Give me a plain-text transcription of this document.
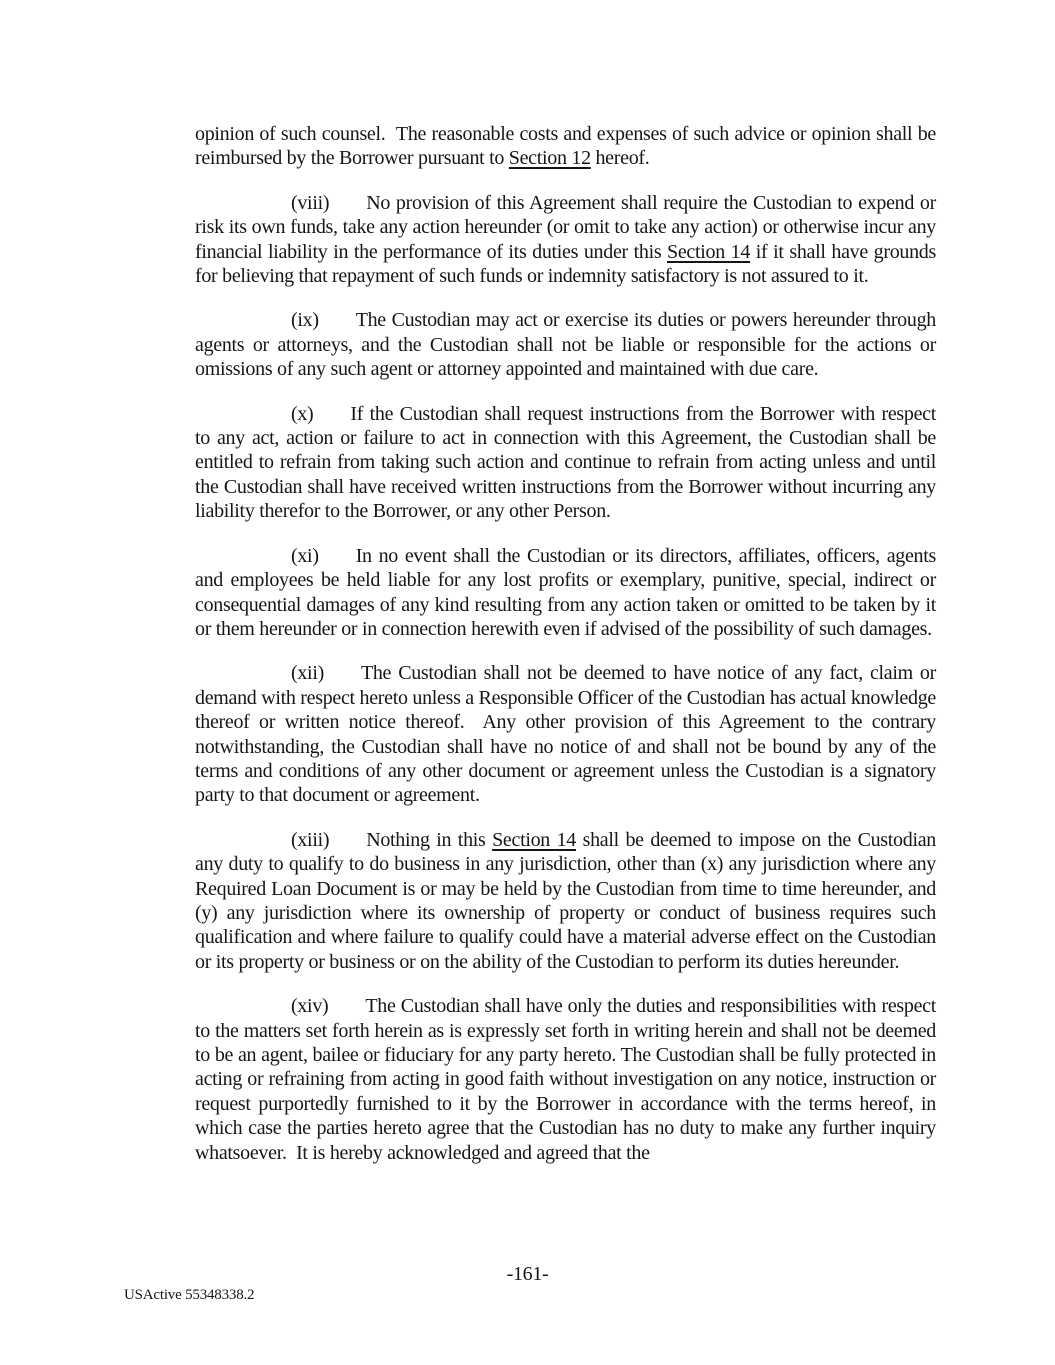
opinion of such counsel.  The reasonable costs and expenses of such advice or opinion shall be reimbursed by the Borrower pursuant to Section 12 hereof.

(viii) No provision of this Agreement shall require the Custodian to expend or risk its own funds, take any action hereunder (or omit to take any action) or otherwise incur any financial liability in the performance of its duties under this Section 14 if it shall have grounds for believing that repayment of such funds or indemnity satisfactory is not assured to it.

(ix) The Custodian may act or exercise its duties or powers hereunder through agents or attorneys, and the Custodian shall not be liable or responsible for the actions or omissions of any such agent or attorney appointed and maintained with due care.

(x) If the Custodian shall request instructions from the Borrower with respect to any act, action or failure to act in connection with this Agreement, the Custodian shall be entitled to refrain from taking such action and continue to refrain from acting unless and until the Custodian shall have received written instructions from the Borrower without incurring any liability therefor to the Borrower, or any other Person.

(xi) In no event shall the Custodian or its directors, affiliates, officers, agents and employees be held liable for any lost profits or exemplary, punitive, special, indirect or consequential damages of any kind resulting from any action taken or omitted to be taken by it or them hereunder or in connection herewith even if advised of the possibility of such damages.

(xii) The Custodian shall not be deemed to have notice of any fact, claim or demand with respect hereto unless a Responsible Officer of the Custodian has actual knowledge thereof or written notice thereof.  Any other provision of this Agreement to the contrary notwithstanding, the Custodian shall have no notice of and shall not be bound by any of the terms and conditions of any other document or agreement unless the Custodian is a signatory party to that document or agreement.

(xiii) Nothing in this Section 14 shall be deemed to impose on the Custodian any duty to qualify to do business in any jurisdiction, other than (x) any jurisdiction where any Required Loan Document is or may be held by the Custodian from time to time hereunder, and (y) any jurisdiction where its ownership of property or conduct of business requires such qualification and where failure to qualify could have a material adverse effect on the Custodian or its property or business or on the ability of the Custodian to perform its duties hereunder.

(xiv) The Custodian shall have only the duties and responsibilities with respect to the matters set forth herein as is expressly set forth in writing herein and shall not be deemed to be an agent, bailee or fiduciary for any party hereto. The Custodian shall be fully protected in acting or refraining from acting in good faith without investigation on any notice, instruction or request purportedly furnished to it by the Borrower in accordance with the terms hereof, in which case the parties hereto agree that the Custodian has no duty to make any further inquiry whatsoever.  It is hereby acknowledged and agreed that the

-161-
USActive 55348338.2
